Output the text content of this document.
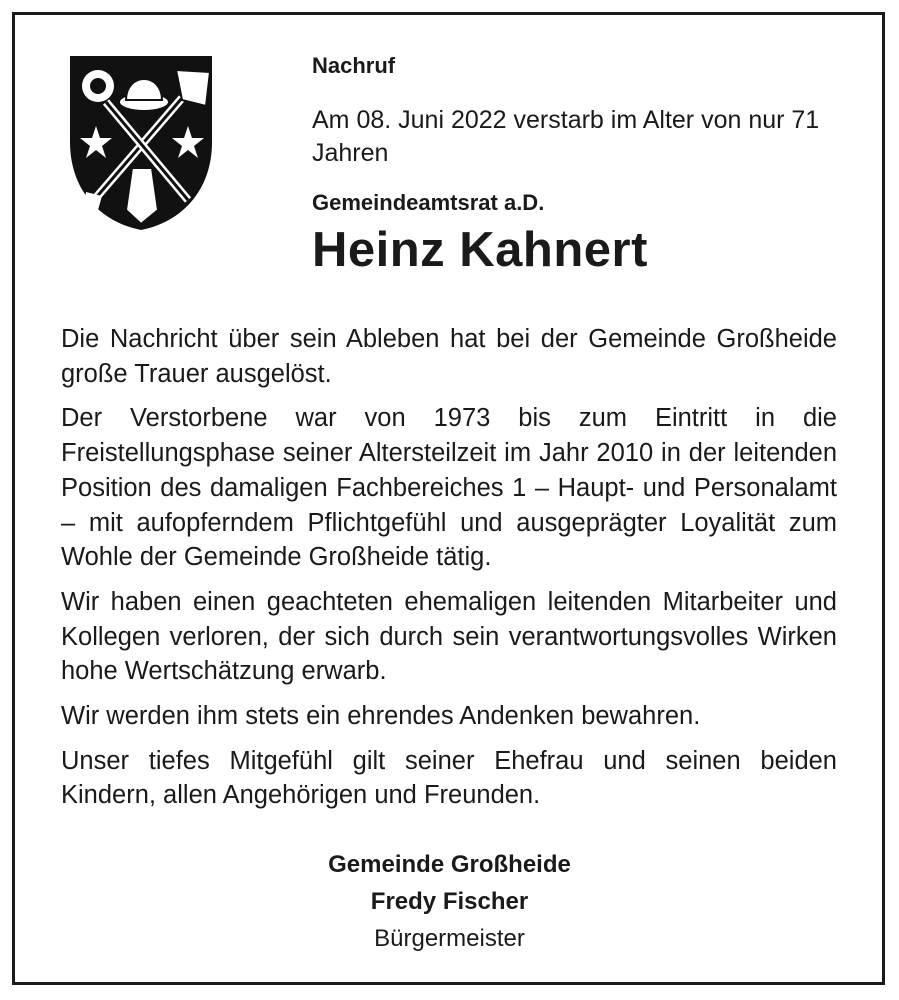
Nachruf

Am 08. Juni 2022 verstarb im Alter von nur 71 Jahren

Gemeindeamtsrat a.D.

Heinz Kahnert

Die Nachricht über sein Ableben hat bei der Gemeinde Großheide große Trauer ausgelöst.

Der Verstorbene war von 1973 bis zum Eintritt in die Freistellungsphase seiner Altersteilzeit im Jahr 2010 in der leitenden Position des damaligen Fachbereiches 1 – Haupt- und Personalamt – mit aufopferndem Pflichtgefühl und ausgeprägter Loyalität zum Wohle der Gemeinde Großheide tätig.

Wir haben einen geachteten ehemaligen leitenden Mitarbeiter und Kollegen verloren, der sich durch sein verantwortungsvolles Wirken hohe Wertschätzung erwarb.

Wir werden ihm stets ein ehrendes Andenken bewahren.

Unser tiefes Mitgefühl gilt seiner Ehefrau und seinen beiden Kindern, allen Angehörigen und Freunden.

Gemeinde Großheide
Fredy Fischer
Bürgermeister
